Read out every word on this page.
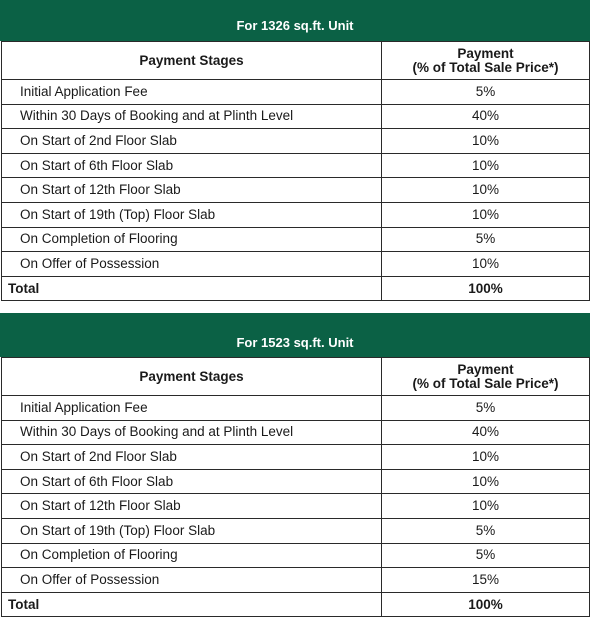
For 1326 sq.ft. Unit
Payment Stages	Payment
(% of Total Sale Price*)

Initial Application Fee	5%
Within 30 Days of Booking and at Plinth Level	40%
On Start of 2nd Floor Slab	10%
On Start of 6th Floor Slab	10%
On Start of 12th Floor Slab	10%
On Start of 19th (Top) Floor Slab	10%
On Completion of Flooring	5%
On Offer of Possession	10%
Total	100%
For 1523 sq.ft. Unit
Payment Stages	Payment
(% of Total Sale Price*)

Initial Application Fee	5%
Within 30 Days of Booking and at Plinth Level	40%
On Start of 2nd Floor Slab	10%
On Start of 6th Floor Slab	10%
On Start of 12th Floor Slab	10%
On Start of 19th (Top) Floor Slab	5%
On Completion of Flooring	5%
On Offer of Possession	15%
Total	100%
